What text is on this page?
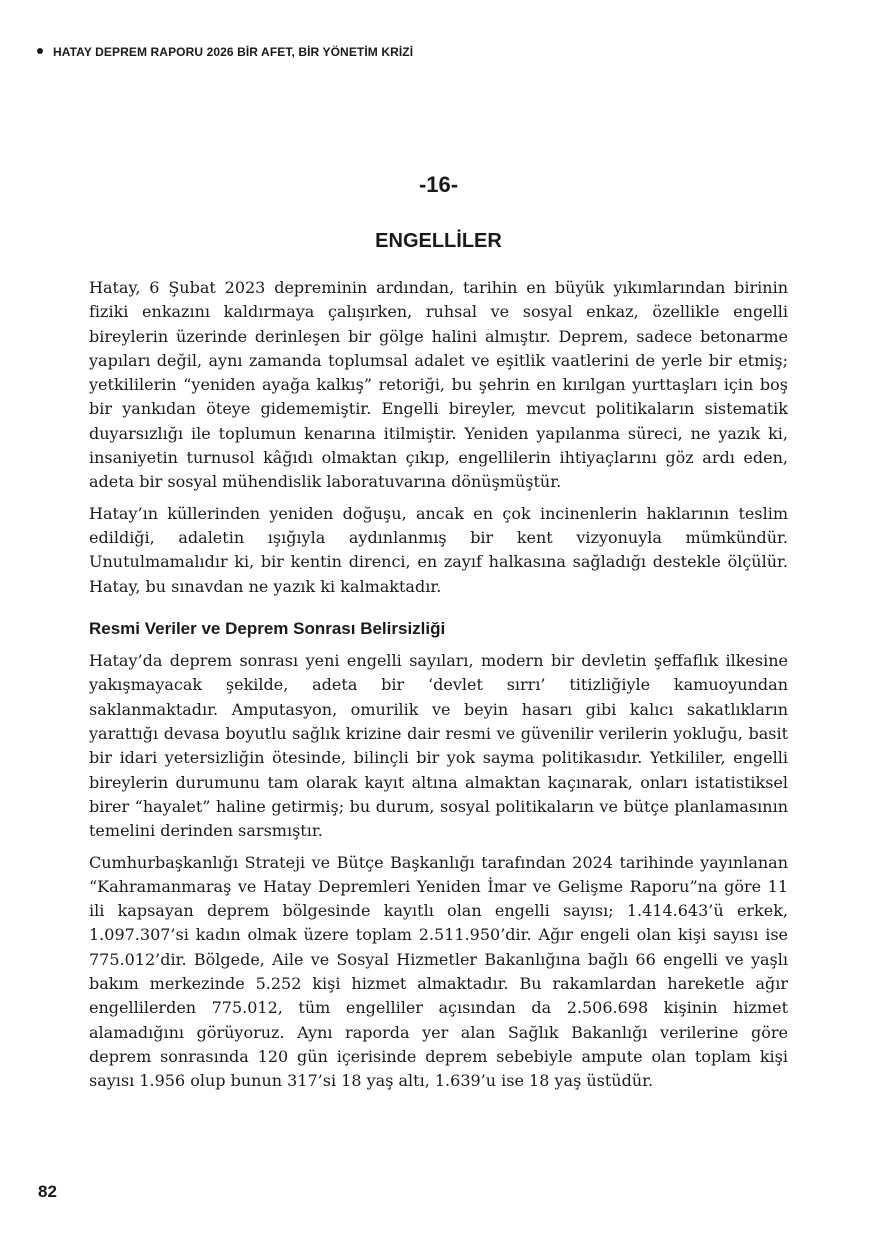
HATAY DEPREM RAPORU 2026 BİR AFET, BİR YÖNETİM KRİZİ
-16-
ENGELLİLER

Hatay, 6 Şubat 2023 depreminin ardından, tarihin en büyük yıkımlarından birinin fiziki enkazını kaldırmaya çalışırken, ruhsal ve sosyal enkaz, özellikle engelli bireylerin üzerinde derinleşen bir gölge halini almıştır. Deprem, sadece betonarme yapıları değil, aynı zamanda toplumsal adalet ve eşitlik vaatlerini de yerle bir etmiş; yetkililerin “yeniden ayağa kalkış” retoriği, bu şehrin en kırılgan yurttaşları için boş bir yankıdan öteye gidememiştir. Engelli bireyler, mevcut politikaların sistematik duyarsızlığı ile toplumun kenarına itilmiştir. Yeniden yapılanma süreci, ne yazık ki, insaniyetin turnusol kâğıdı olmaktan çıkıp, engellilerin ihtiyaçlarını göz ardı eden, adeta bir sosyal mühendislik laboratuvarına dönüşmüştür.

Hatay’ın küllerinden yeniden doğuşu, ancak en çok incinenlerin haklarının teslim edildiği, adaletin ışığıyla aydınlanmış bir kent vizyonuyla mümkündür. Unutulmamalıdır ki, bir kentin direnci, en zayıf halkasına sağladığı destekle ölçülür. Hatay, bu sınavdan ne yazık ki kalmaktadır.

Resmi Veriler ve Deprem Sonrası Belirsizliği

Hatay’da deprem sonrası yeni engelli sayıları, modern bir devletin şeffaflık ilkesine yakışmayacak şekilde, adeta bir ‘devlet sırrı’ titizliğiyle kamuoyundan saklanmaktadır. Amputasyon, omurilik ve beyin hasarı gibi kalıcı sakatlıkların yarattığı devasa boyutlu sağlık krizine dair resmi ve güvenilir verilerin yokluğu, basit bir idari yetersizliğin ötesinde, bilinçli bir yok sayma politikasıdır. Yetkililer, engelli bireylerin durumunu tam olarak kayıt altına almaktan kaçınarak, onları istatistiksel birer “hayalet” haline getirmiş; bu durum, sosyal politikaların ve bütçe planlamasının temelini derinden sarsmıştır.

Cumhurbaşkanlığı Strateji ve Bütçe Başkanlığı tarafından 2024 tarihinde yayınlanan “Kahramanmaraş ve Hatay Depremleri Yeniden İmar ve Gelişme Raporu”na göre 11 ili kapsayan deprem bölgesinde kayıtlı olan engelli sayısı; 1.414.643’ü erkek, 1.097.307’si kadın olmak üzere toplam 2.511.950’dir. Ağır engeli olan kişi sayısı ise 775.012’dir. Bölgede, Aile ve Sosyal Hizmetler Bakanlığına bağlı 66 engelli ve yaşlı bakım merkezinde 5.252 kişi hizmet almaktadır. Bu rakamlardan hareketle ağır engellilerden 775.012, tüm engelliler açısından da 2.506.698 kişinin hizmet alamadığını görüyoruz. Aynı raporda yer alan Sağlık Bakanlığı verilerine göre deprem sonrasında 120 gün içerisinde deprem sebebiyle ampute olan toplam kişi sayısı 1.956 olup bunun 317’si 18 yaş altı, 1.639’u ise 18 yaş üstüdür.

82
